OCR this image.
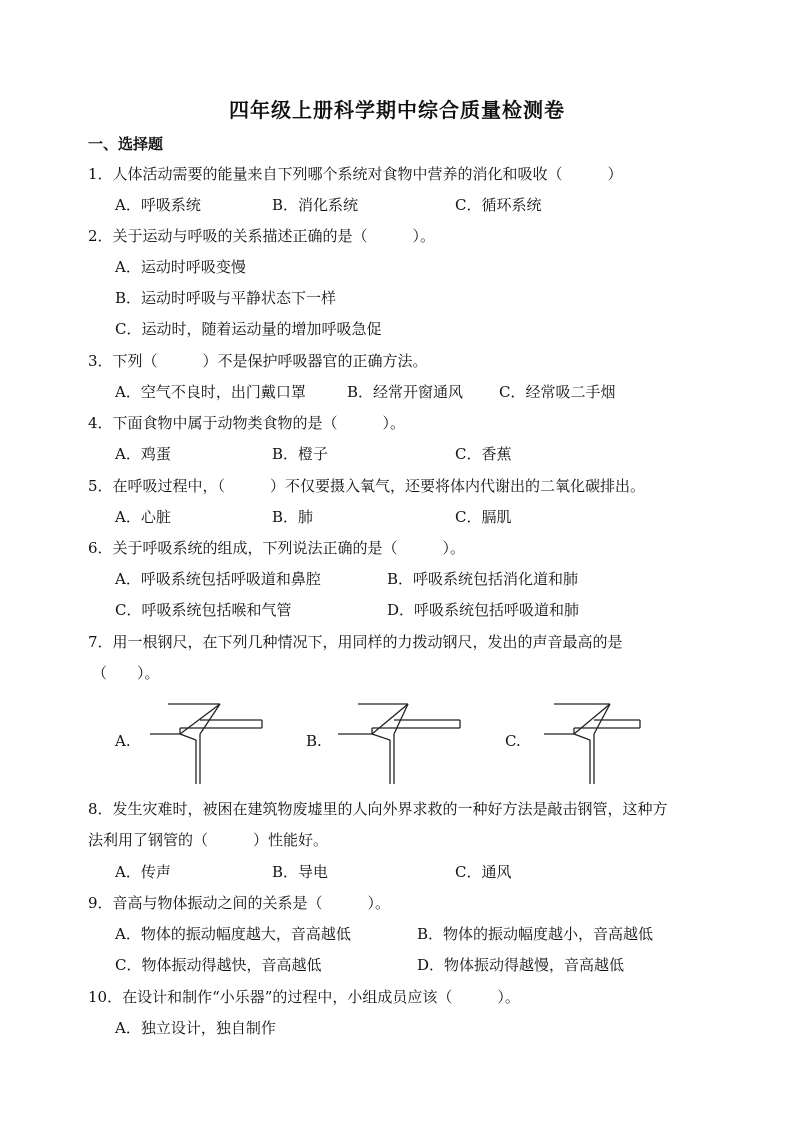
四年级上册科学期中综合质量检测卷
一、选择题
1．人体活动需要的能量来自下列哪个系统对食物中营养的消化和吸收（　　　）
A．呼吸系统	B．消化系统	C．循环系统
2．关于运动与呼吸的关系描述正确的是（　　　）。
A．运动时呼吸变慢
B．运动时呼吸与平静状态下一样
C．运动时，随着运动量的增加呼吸急促
3．下列（　　　）不是保护呼吸器官的正确方法。
A．空气不良时，出门戴口罩	B．经常开窗通风 C．经常吸二手烟
4．下面食物中属于动物类食物的是（　　　）。
A．鸡蛋	B．橙子	C．香蕉
5．在呼吸过程中，（　　　）不仅要摄入氧气，还要将体内代谢出的二氧化碳排出。
A．心脏	B．肺	C．膈肌
6．关于呼吸系统的组成，下列说法正确的是（　　　）。
A．呼吸系统包括呼吸道和鼻腔	B．呼吸系统包括消化道和肺
C．呼吸系统包括喉和气管	D．呼吸系统包括呼吸道和肺
7．用一根钢尺，在下列几种情况下，用同样的力拨动钢尺，发出的声音最高的是
（　　）。
A.	B.	C.
8．发生灾难时，被困在建筑物废墟里的人向外界求救的一种好方法是敲击钢管，这种方
法利用了钢管的（　　　）性能好。
A．传声	B．导电	C．通风
9．音高与物体振动之间的关系是（　　　）。
A．物体的振动幅度越大，音高越低	B．物体的振动幅度越小，音高越低
C．物体振动得越快，音高越低	D．物体振动得越慢，音高越低
10．在设计和制作“小乐器”的过程中，小组成员应该（　　　）。
A．独立设计，独自制作
